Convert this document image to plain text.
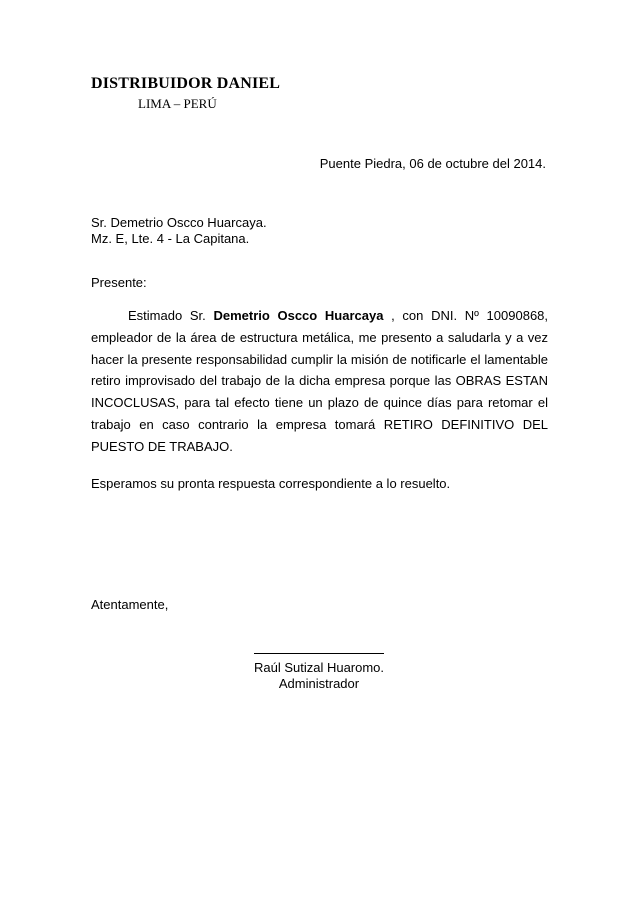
DISTRIBUIDOR DANIEL
LIMA – PERÚ
Puente Piedra, 06 de octubre del 2014.
Sr. Demetrio Oscco Huarcaya.
Mz. E, Lte. 4 - La Capitana.
Presente:
Estimado Sr. Demetrio Oscco Huarcaya , con DNI. Nº 10090868, empleador de la área de estructura metálica, me presento a saludarla y a vez hacer la presente responsabilidad cumplir la misión de notificarle el lamentable retiro improvisado del trabajo de la dicha empresa porque las OBRAS ESTAN INCOCLUSAS, para tal efecto tiene un plazo de quince días para retomar el trabajo en caso contrario la empresa tomará RETIRO DEFINITIVO DEL PUESTO DE TRABAJO.
Esperamos su pronta respuesta correspondiente a lo resuelto.
Atentamente,
Raúl Sutizal Huaromo.
Administrador
